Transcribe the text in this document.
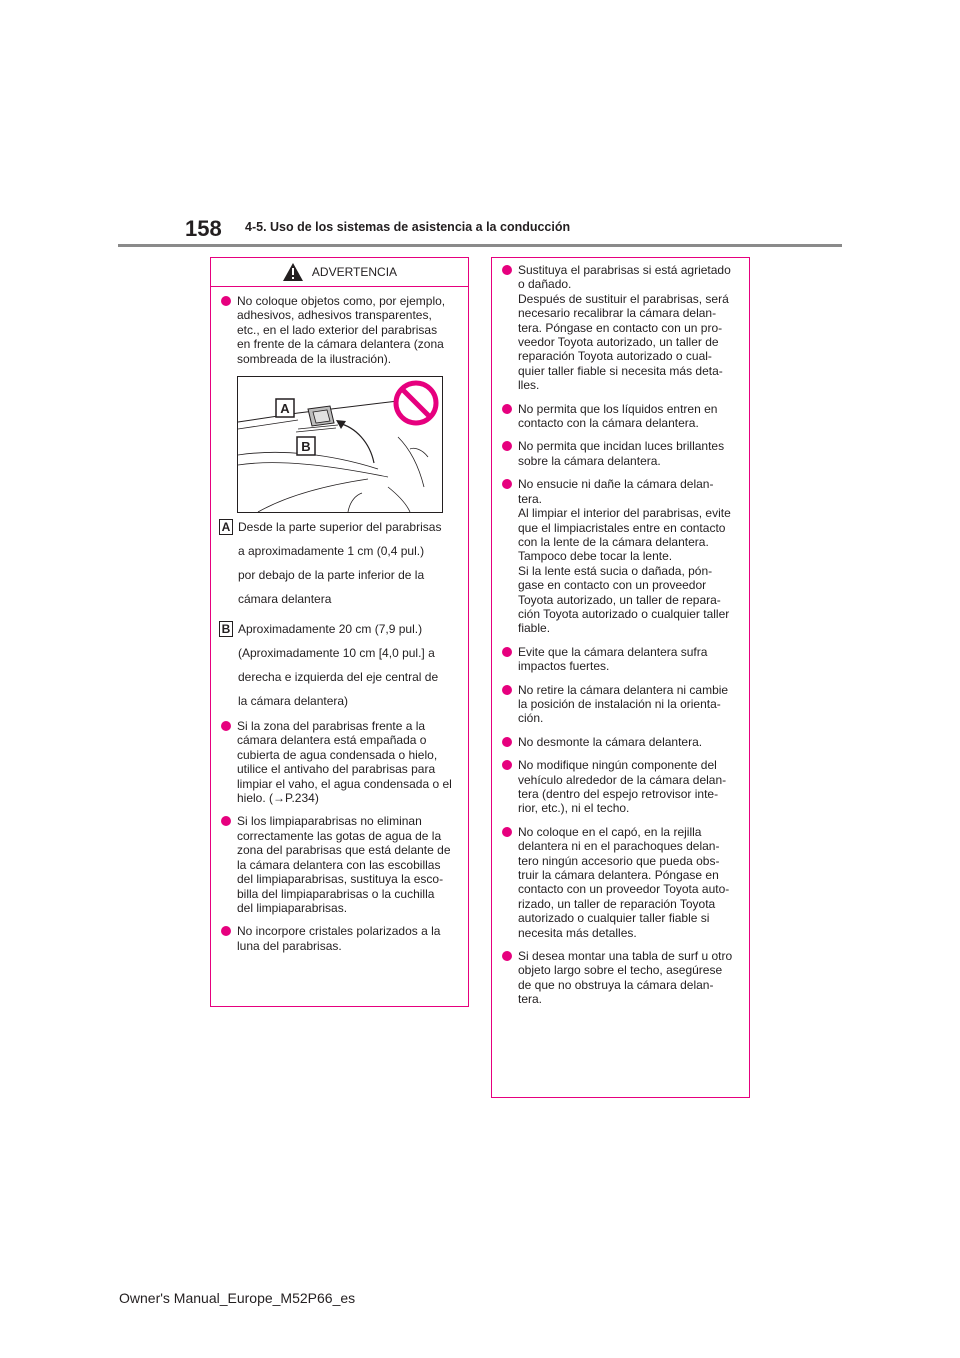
158 4-5. Uso de los sistemas de asistencia a la conducción
ADVERTENCIA
No coloque objetos como, por ejemplo,
adhesivos, adhesivos transparentes,
etc., en el lado exterior del parabrisas
en frente de la cámara delantera (zona
sombreada de la ilustración).
A
B
A Desde la parte superior del parabrisas
a aproximadamente 1 cm (0,4 pul.)
por debajo de la parte inferior de la
cámara delantera
B Aproximadamente 20 cm (7,9 pul.)
(Aproximadamente 10 cm [4,0 pul.] a
derecha e izquierda del eje central de
la cámara delantera)
Si la zona del parabrisas frente a la
cámara delantera está empañada o
cubierta de agua condensada o hielo,
utilice el antivaho del parabrisas para
limpiar el vaho, el agua condensada o el
hielo. (→P.234)
Si los limpiaparabrisas no eliminan
correctamente las gotas de agua de la
zona del parabrisas que está delante de
la cámara delantera con las escobillas
del limpiaparabrisas, sustituya la esco-
billa del limpiaparabrisas o la cuchilla
del limpiaparabrisas.
No incorpore cristales polarizados a la
luna del parabrisas.
Sustituya el parabrisas si está agrietado
o dañado.
Después de sustituir el parabrisas, será
necesario recalibrar la cámara delan-
tera. Póngase en contacto con un pro-
veedor Toyota autorizado, un taller de
reparación Toyota autorizado o cual-
quier taller fiable si necesita más deta-
lles.
No permita que los líquidos entren en
contacto con la cámara delantera.
No permita que incidan luces brillantes
sobre la cámara delantera.
No ensucie ni dañe la cámara delan-
tera.
Al limpiar el interior del parabrisas, evite
que el limpiacristales entre en contacto
con la lente de la cámara delantera.
Tampoco debe tocar la lente.
Si la lente está sucia o dañada, pón-
gase en contacto con un proveedor
Toyota autorizado, un taller de repara-
ción Toyota autorizado o cualquier taller
fiable.
Evite que la cámara delantera sufra
impactos fuertes.
No retire la cámara delantera ni cambie
la posición de instalación ni la orienta-
ción.
No desmonte la cámara delantera.
No modifique ningún componente del
vehículo alrededor de la cámara delan-
tera (dentro del espejo retrovisor inte-
rior, etc.), ni el techo.
No coloque en el capó, en la rejilla
delantera ni en el parachoques delan-
tero ningún accesorio que pueda obs-
truir la cámara delantera. Póngase en
contacto con un proveedor Toyota auto-
rizado, un taller de reparación Toyota
autorizado o cualquier taller fiable si
necesita más detalles.
Si desea montar una tabla de surf u otro
objeto largo sobre el techo, asegúrese
de que no obstruya la cámara delan-
tera.
Owner's Manual_Europe_M52P66_es
